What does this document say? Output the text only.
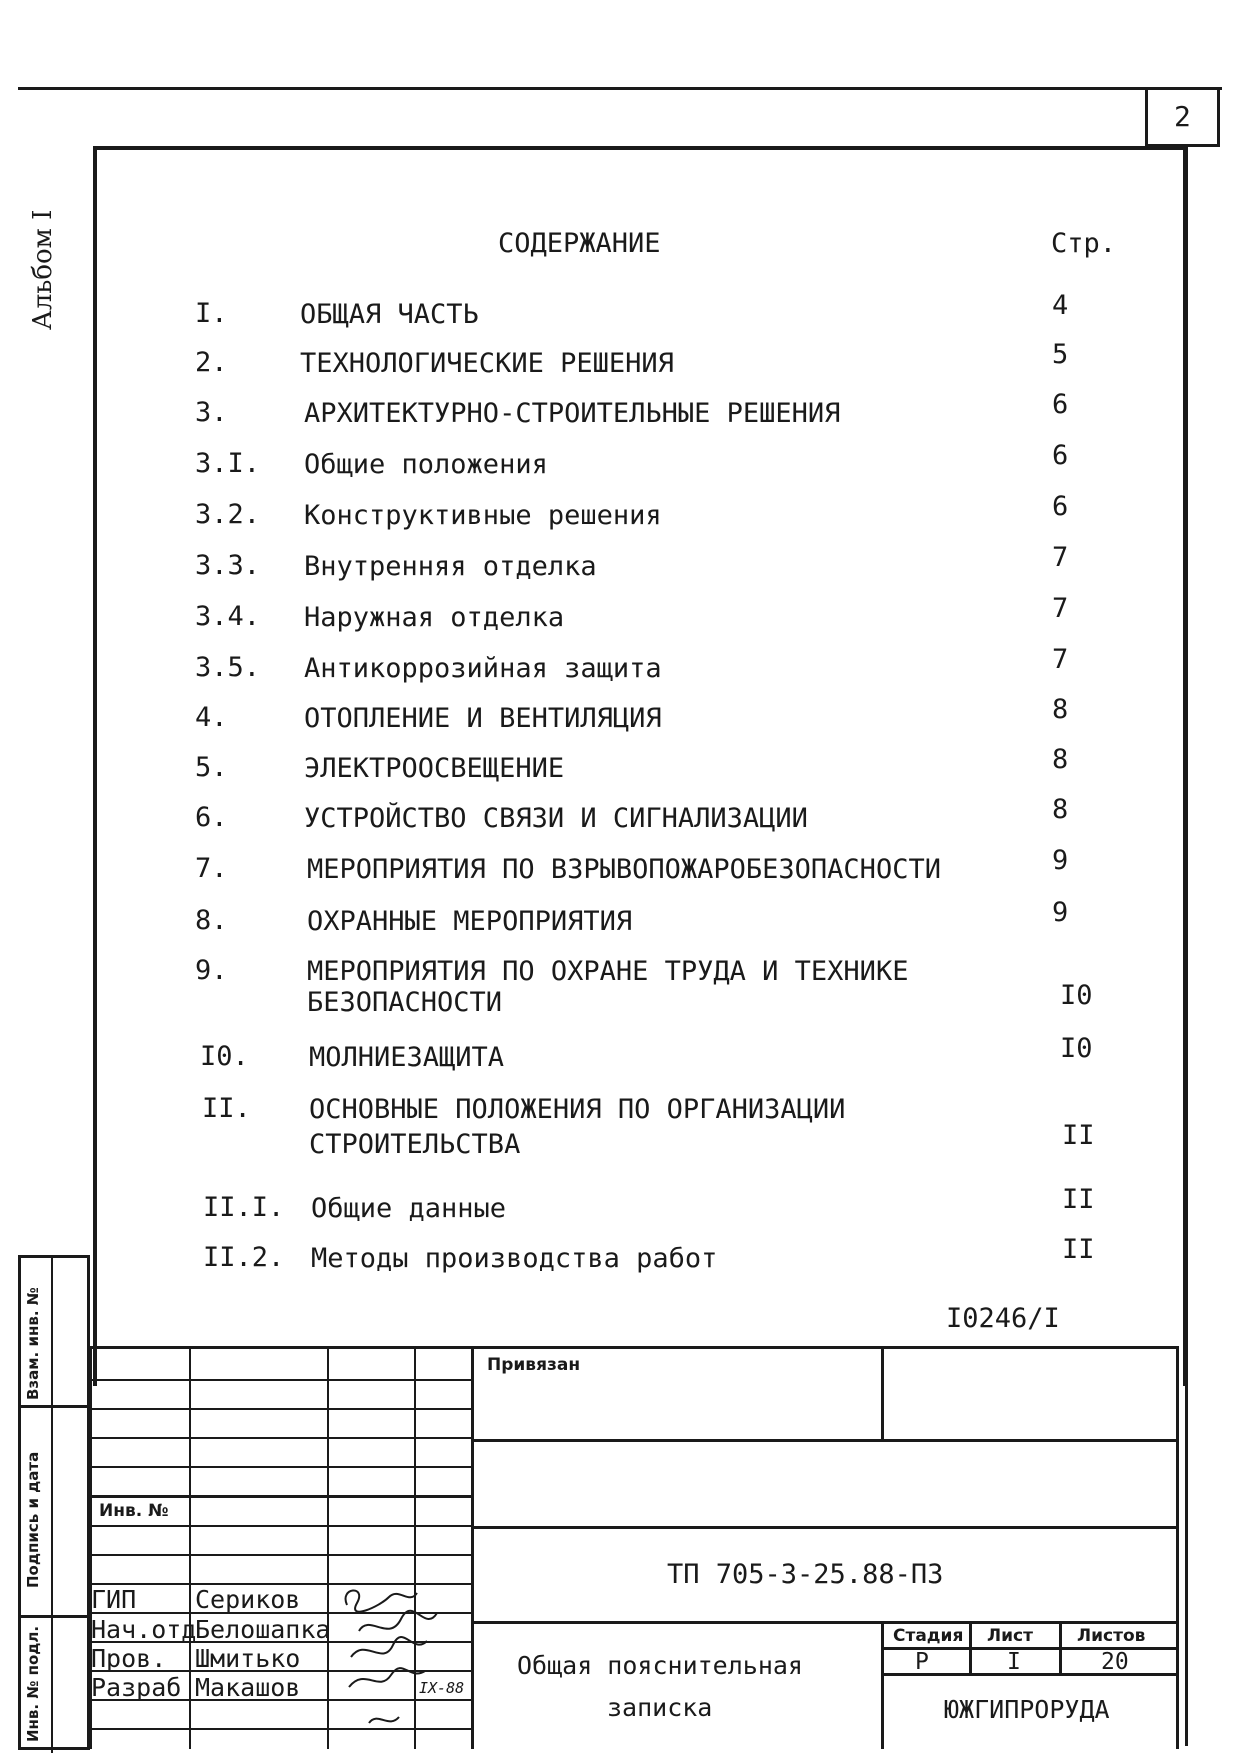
2
Альбом I	СОДЕРЖАНИЕ	Стр.
I.	ОБЩАЯ ЧАСТЬ	4
2.	ТЕХНОЛОГИЧЕСКИЕ РЕШЕНИЯ	5
3.	АРХИТЕКТУРНО-СТРОИТЕЛЬНЫЕ РЕШЕНИЯ	6
3.I. Общие положения	6
3.2. Конструктивные решения	6
3.3. Внутренняя отделка	7
3.4. Наружная отделка	7
3.5. Антикоррозийная защита	7
4.	ОТОПЛЕНИЕ И ВЕНТИЛЯЦИЯ	8
5.	ЭЛЕКТРООСВЕЩЕНИЕ	8
6.	УСТРОЙСТВО СВЯЗИ И СИГНАЛИЗАЦИИ	8
7.	МЕРОПРИЯТИЯ ПО ВЗРЫВОПОЖАРОБЕЗОПАСНОСТИ	9
8.	ОХРАННЫЕ МЕРОПРИЯТИЯ	9
9.	МЕРОПРИЯТИЯ ПО ОХРАНЕ ТРУДА И ТЕХНИКЕ
БЕЗОПАСНОСТИ	I0
I0. МОЛНИЕЗАЩИТА	I0
II. ОСНОВНЫЕ ПОЛОЖЕНИЯ ПО ОРГАНИЗАЦИИ
СТРОИТЕЛЬСТВА	II
II.I. Общие данные	II
II.2. Методы производства работ	II
I0246/I
Взам. инв. №
Подпись и дата
Инв. № подл.
Привязан
Инв. №
ТП 705-3-25.88-ПЗ
Общая пояснительная
записка
Стадия Лист	Листов
Р	I	20
ЮЖГИПРОРУДА
ГИП Сериков
Нач.отд
Белошапка
Пров. Шмитько
Разраб Макашов	IX-88
